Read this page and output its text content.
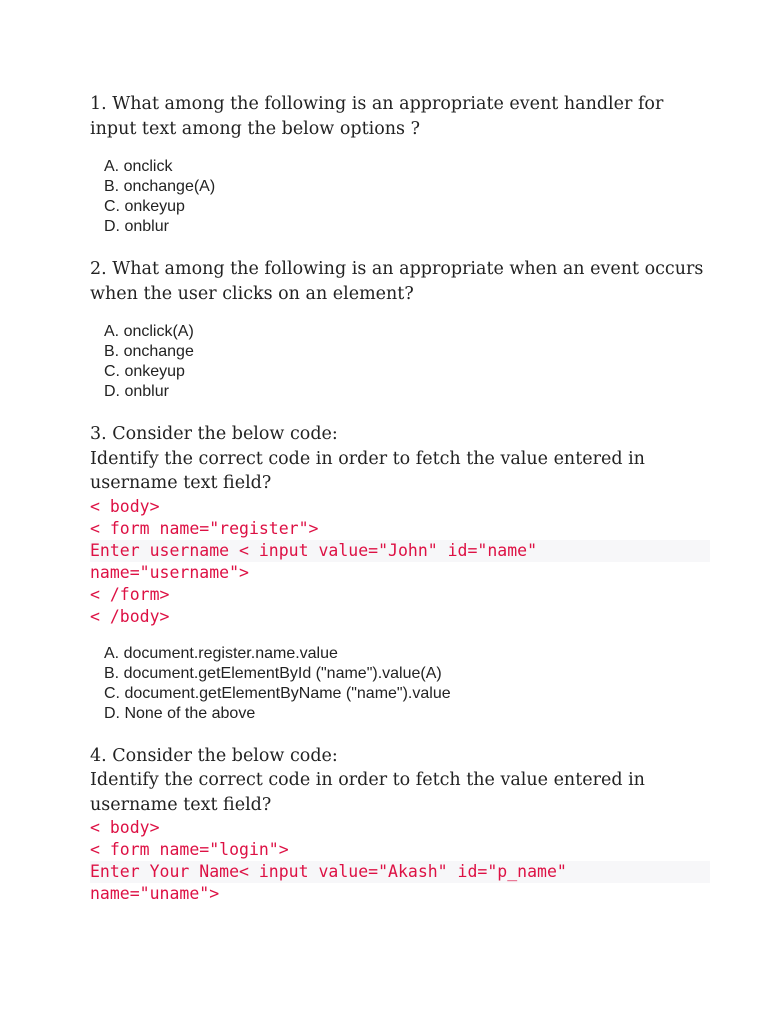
1. What among the following is an appropriate event handler for input text among the below options ?

A. onclick
B. onchange(A)
C. onkeyup
D. onblur

2. What among the following is an appropriate when an event occurs when the user clicks on an element?

A. onclick(A)
B. onchange
C. onkeyup
D. onblur

3. Consider the below code:

Identify the correct code in order to fetch the value entered in username text field?

< body>
< form name="register">
Enter username < input value="John" id="name"
name="username">
< /form>
< /body>
A. document.register.name.value
B. document.getElementById ("name").value(A)
C. document.getElementByName ("name").value
D. None of the above

4. Consider the below code:

Identify the correct code in order to fetch the value entered in username text field?

< body>
< form name="login">
Enter Your Name< input value="Akash" id="p_name"
name="uname">
